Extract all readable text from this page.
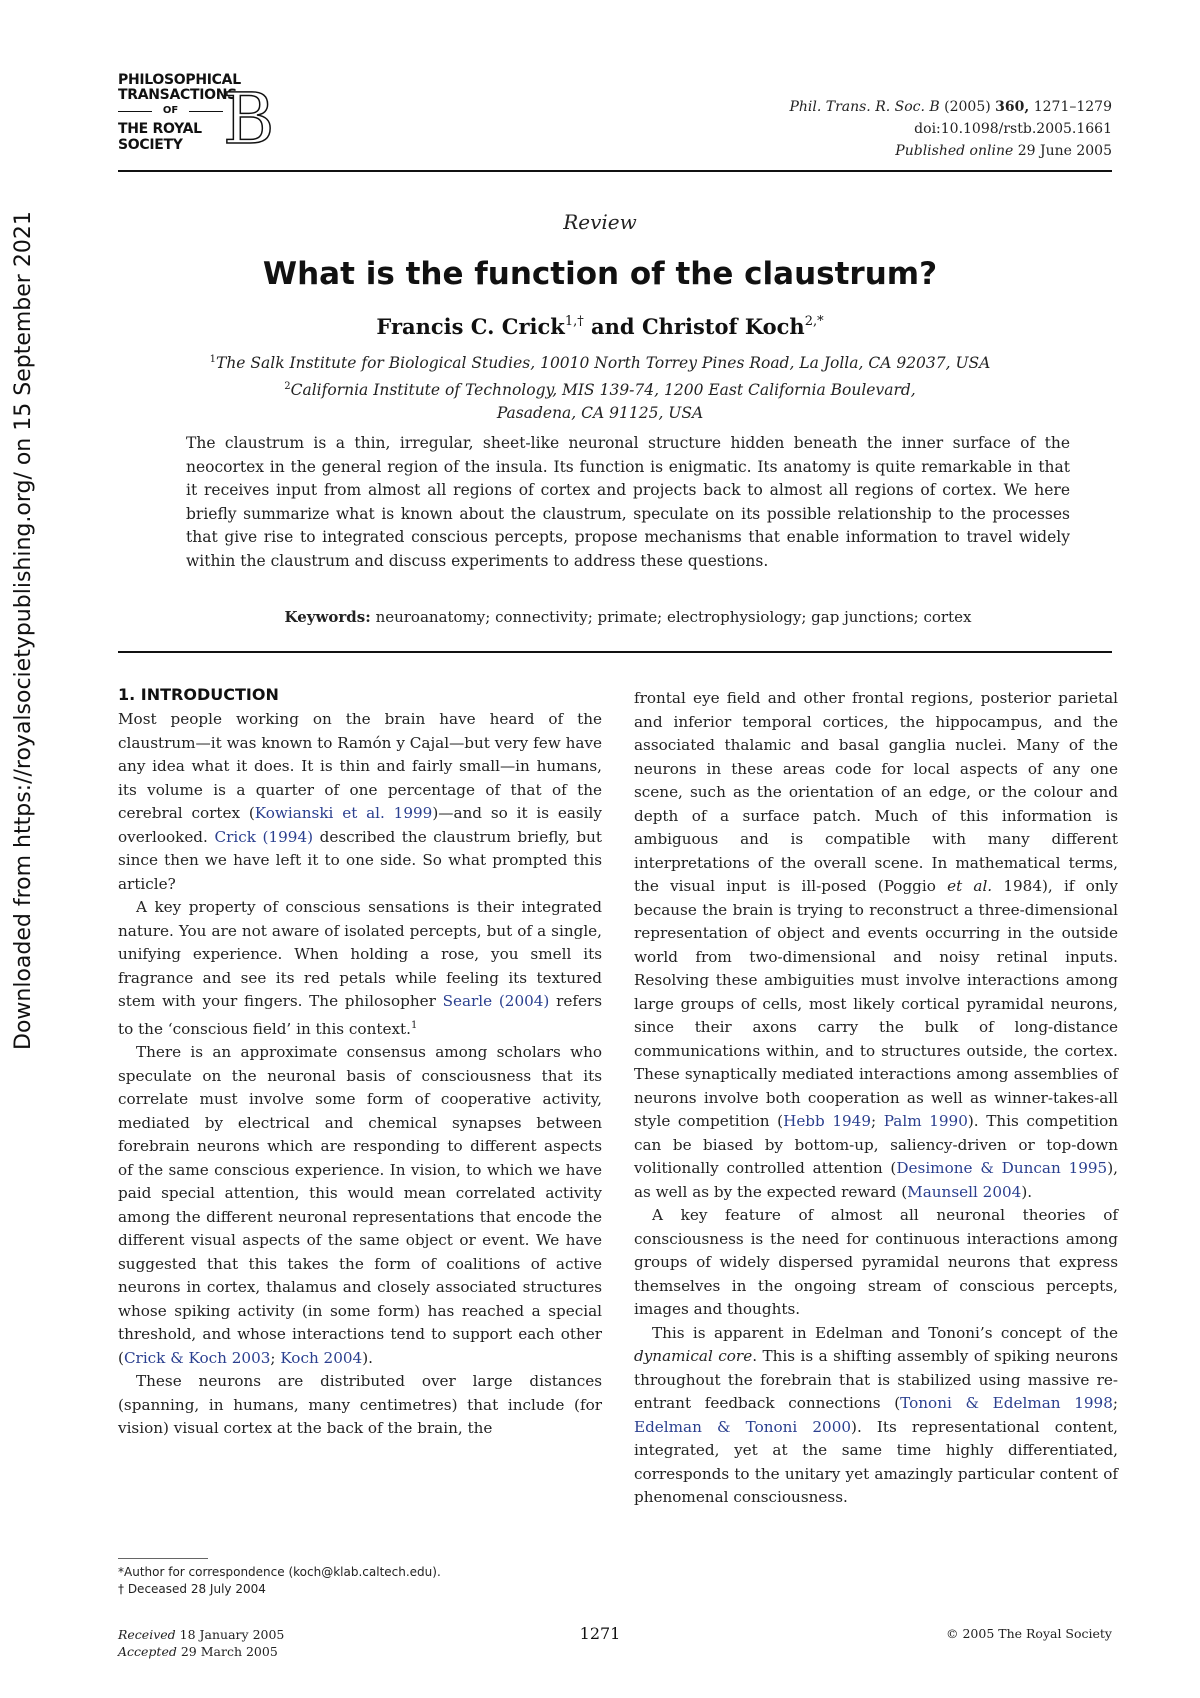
Downloaded from https://royalsocietypublishing.org/ on 15 September 2021
PHILOSOPHICAL
TRANSACTIONS
OF
THE ROYAL
SOCIETY B	Phil. Trans. R. Soc. B (2005) 360, 1271–1279
doi:10.1098/rstb.2005.1661
Published online 29 June 2005
Review
What is the function of the claustrum?
Francis C. Crick$^{1,\dagger}$ and Christof Koch$^{2,*}$

$^1$The Salk Institute for Biological Studies, 10010 North Torrey Pines Road, La Jolla, CA 92037, USA

$^2$California Institute of Technology, MIS 139-74, 1200 East California Boulevard,

Pasadena, CA 91125, USA

The claustrum is a thin, irregular, sheet-like neuronal structure hidden beneath the inner surface of the neocortex in the general region of the insula. Its function is enigmatic. Its anatomy is quite remarkable in that it receives input from almost all regions of cortex and projects back to almost all regions of cortex. We here briefly summarize what is known about the claustrum, speculate on its possible relationship to the processes that give rise to integrated conscious percepts, propose mechanisms that enable information to travel widely within the claustrum and discuss experiments to address these questions.
Keywords: neuroanatomy; connectivity; primate; electrophysiology; gap junctions; cortex
1. INTRODUCTION

Most people working on the brain have heard of the claustrum—it was known to Ramón y Cajal—but very few have any idea what it does. It is thin and fairly small—in humans, its volume is a quarter of one percentage of that of the cerebral cortex (Kowianski et al. 1999)—and so it is easily overlooked. Crick (1994) described the claustrum briefly, but since then we have left it to one side. So what prompted this article?

A key property of conscious sensations is their integrated nature. You are not aware of isolated percepts, but of a single, unifying experience. When holding a rose, you smell its fragrance and see its red petals while feeling its textured stem with your fingers. The philosopher Searle (2004) refers to the ‘conscious field’ in this context.$^1$

There is an approximate consensus among scholars who speculate on the neuronal basis of consciousness that its correlate must involve some form of cooperative activity, mediated by electrical and chemical synapses between forebrain neurons which are responding to different aspects of the same conscious experience. In vision, to which we have paid special attention, this would mean correlated activity among the different neuronal representations that encode the different visual aspects of the same object or event. We have suggested that this takes the form of coalitions of active neurons in cortex, thalamus and closely associated structures whose spiking activity (in some form) has reached a special threshold, and whose interactions tend to support each other (Crick & Koch 2003; Koch 2004).

These neurons are distributed over large distances (spanning, in humans, many centimetres) that include (for vision) visual cortex at the back of the brain, the

frontal eye field and other frontal regions, posterior parietal and inferior temporal cortices, the hippocampus, and the associated thalamic and basal ganglia nuclei. Many of the neurons in these areas code for local aspects of any one scene, such as the orientation of an edge, or the colour and depth of a surface patch. Much of this information is ambiguous and is compatible with many different interpretations of the overall scene. In mathematical terms, the visual input is ill-posed (Poggio et al. 1984), if only because the brain is trying to reconstruct a three-dimensional representation of object and events occurring in the outside world from two-dimensional and noisy retinal inputs. Resolving these ambiguities must involve interactions among large groups of cells, most likely cortical pyramidal neurons, since their axons carry the bulk of long-distance communications within, and to structures outside, the cortex. These synaptically mediated interactions among assemblies of neurons involve both cooperation as well as winner-takes-all style competition (Hebb 1949; Palm 1990). This competition can be biased by bottom-up, saliency-driven or top-down volitionally controlled attention (Desimone & Duncan 1995), as well as by the expected reward (Maunsell 2004).

A key feature of almost all neuronal theories of consciousness is the need for continuous interactions among groups of widely dispersed pyramidal neurons that express themselves in the ongoing stream of conscious percepts, images and thoughts.

This is apparent in Edelman and Tononi’s concept of the dynamical core. This is a shifting assembly of spiking neurons throughout the forebrain that is stabilized using massive re-entrant feedback connections (Tononi & Edelman 1998; Edelman & Tononi 2000). Its representational content, integrated, yet at the same time highly differentiated, corresponds to the unitary yet amazingly particular content of phenomenal consciousness.

*Author for correspondence (koch@klab.caltech.edu).

† Deceased 28 July 2004

Received 18 January 2005
Accepted 29 March 2005
1271	© 2005 The Royal Society
